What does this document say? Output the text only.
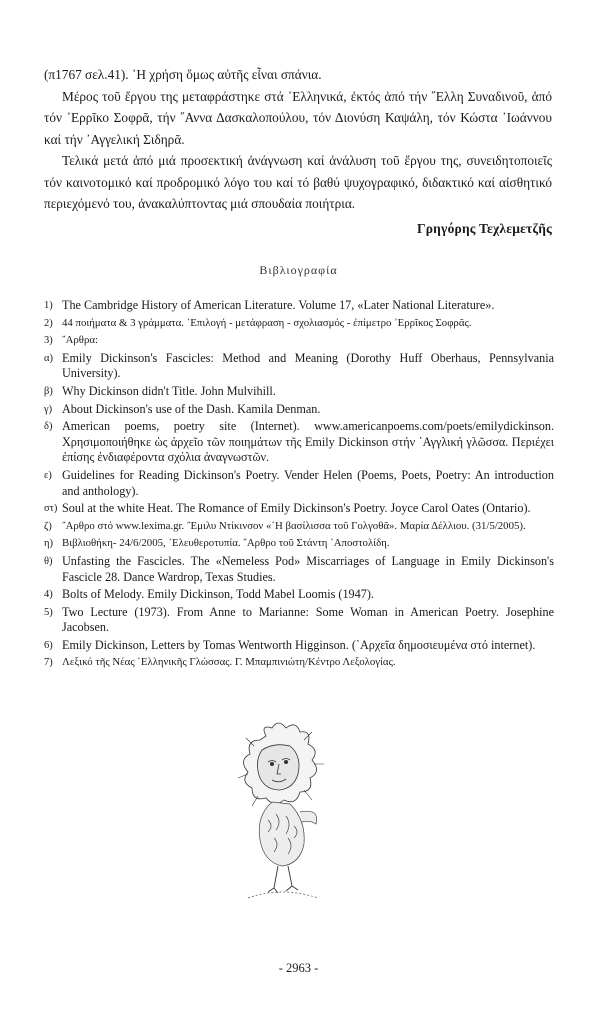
(π1767 σελ.41). ῾Η χρήση ὅμως αὐτῆς εἶναι σπάνια.

Μέρος τοῦ ἔργου της μεταφράστηκε στά ῾Ελληνικά, ἐκτός ἀπό τήν ῎Ελλη Συναδινοῦ, ἀπό τόν ᾽Ερρῖκο Σοφρᾶ, τήν ῎Αννα Δασκαλοπούλου, τόν Διονύση Καψάλη, τόν Κώστα ᾽Ιωάννου καί τήν ᾽Αγγελική Σιδηρᾶ.

Τελικά μετά ἀπό μιά προσεκτική ἀνάγνωση καί ἀνάλυση τοῦ ἔργου της, συνειδητοποιεῖς τόν καινοτομικό καί προδρομικό λόγο του καί τό βαθύ ψυχογραφικό, διδακτικό καί αἰσθητικό περιεχόμενό του, ἀνακαλύπτοντας μιά σπουδαία ποιήτρια.

Γρηγόρης Τεχλεμετζῆς
Βιβλιογραφία
1) The Cambridge History of American Literature. Volume 17, «Later National Literature».
2) 44 ποιήματα & 3 γράμματα. ᾽Επιλογή - μετάφραση - σχολιασμός - ἐπίμετρο ᾽Ερρῖκος Σοφρᾶς.
3) ῎Αρθρα:
α) Emily Dickinson's Fascicles: Method and Meaning (Dorothy Huff Oberhaus, Pennsylvania University).
β) Why Dickinson didn't Title. John Mulvihill.
γ) About Dickinson's use of the Dash. Kamila Denman.
δ) American poems, poetry site (Internet). www.americanpoems.com/poets/emilydickinson. Χρησιμοποιήθηκε ὡς ἀρχεῖο τῶν ποιημάτων τῆς Emily Dickinson στήν ᾽Αγγλική γλῶσσα. Περιέχει ἐπίσης ἐνδιαφέροντα σχόλια ἀναγνωστῶν.
ε) Guidelines for Reading Dickinson's Poetry. Vender Helen (Poems, Poets, Poetry: An introduction and anthology).
στ) Soul at the white Heat. The Romance of Emily Dickinson's Poetry. Joyce Carol Oates (Ontario).
ζ) ῎Αρθρο στό www.lexima.gr. ῎Εμιλυ Ντίκινσον «῾Η βασίλισσα τοῦ Γολγοθᾶ». Μαρία Δέλλιου. (31/5/2005).
η) Βιβλιοθήκη- 24/6/2005, ᾽Ελευθεροτυπία. ῎Αρθρο τοῦ Στάντη ᾽Αποστολίδη.
θ) Unfasting the Fascicles. The «Nemeless Pod» Miscarriages of Language in Emily Dickinson's Fascicle 28. Dance Wardrop, Texas Studies.
4) Bolts of Melody. Emily Dickinson, Todd Mabel Loomis (1947).
5) Two Lecture (1973). From Anne to Marianne: Some Woman in American Poetry. Josephine Jacobsen.
6) Emily Dickinson, Letters by Tomas Wentworth Higginson. (᾽Αρχεῖα δημοσιευμένα στό internet).
7) Λεξικό τῆς Νέας ῾Ελληνικῆς Γλώσσας. Γ. Μπαμπινιώτη/Κέντρο Λεξολογίας.
- 2963 -
